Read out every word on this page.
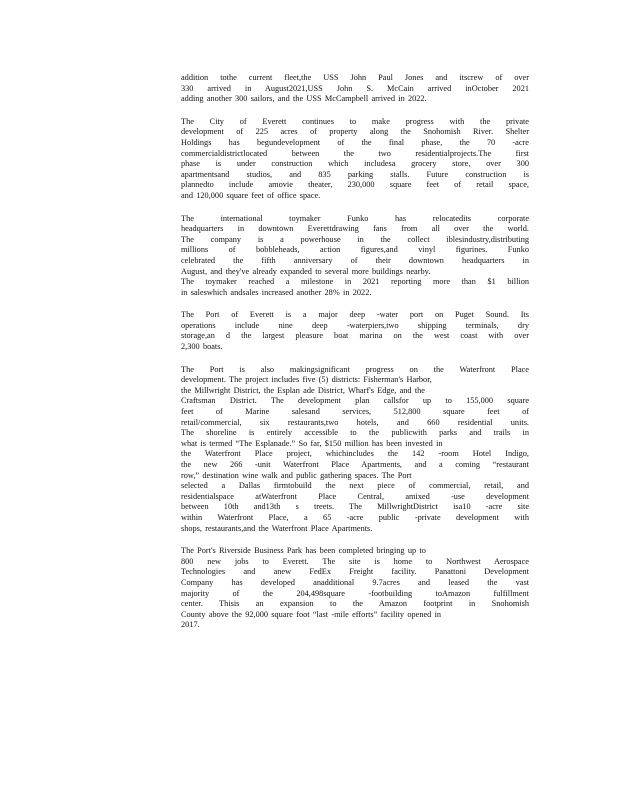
addition tothe current fleet,the USS John Paul Jones and itscrew of over
330 arrived in August2021,USS John S. McCain arrived inOctober 2021
adding another 300 sailors, and the USS McCampbell arrived in 2022.
The City of Everett continues to make progress with the private
development of 225 acres of property along the Snohomish River. Shelter
Holdings has begundevelopment of the final phase, the 70 -acre
commercialdistrictlocated between the two residentialprojects.The first
phase is under construction which includesa grocery store, over 300
apartmentsand studios, and 835 parking stalls. Future construction is
plannedto include amovie theater, 230,000 square feet of retail space,
and 120,000 square feet of office space.
The international toymaker Funko has relocatedits corporate
headquarters in downtown Everettdrawing fans from all over the world.
The company is a powerhouse in the collect iblesindustry,distributing
millions of bobbleheads, action figures,and vinyl figurines. Funko
celebrated the fifth anniversary of their downtown headquarters in
August, and they've already expanded to several more buildings nearby.
The toymaker reached a milestone in 2021 reporting more than $1 billion
in saleswhich andsales increased another 28% in 2022.
The Port of Everett is a major deep -water port on Puget Sound. Its
operations include nine deep -waterpiers,two shipping terminals, dry
storage,an d the largest pleasure boat marina on the west coast with over
2,300 boats.
The Port is also makingsignificant progress on the Waterfront Place
development. The project includes five (5) districts: Fisherman's Harbor,
the Millwright District, the Esplan ade District, Wharf's Edge, and the
Craftsman District. The development plan callsfor up to 155,000 square
feet of Marine salesand services, 512,800 square feet of
retail/commercial, six restaurants,two hotels, and 660 residential units.
The shoreline is entirely accessible to the publicwith parks and trails in
what is termed “The Esplanade.” So far, $150 million has been invested in
the Waterfront Place project, whichincludes the 142 -room Hotel Indigo,
the new 266 -unit Waterfront Place Apartments, and a coming “restaurant
row,” destination wine walk and public gathering spaces. The Port
selected a Dallas firmtobuild the next piece of commercial, retail, and
residentialspace atWaterfront Place Central, amixed -use development
between 10th and13th s treets. The MillwrightDistrict isa10 -acre site
within Waterfront Place, a 65 -acre public -private development with
shops, restaurants,and the Waterfront Place Apartments.
The Port's Riverside Business Park has been completed bringing up to
800 new jobs to Everett. The site is home to Northwest Aerospace
Technologies and anew FedEx Freight facility. Panattoni Development
Company has developed anadditional 9.7acres and leased the vast
majority of the 204,498square -footbuilding toAmazon fulfillment
center. Thisis an expansion to the Amazon footprint in Snohomish
County above the 92,000 square foot “last -mile efforts” facility opened in
2017.
